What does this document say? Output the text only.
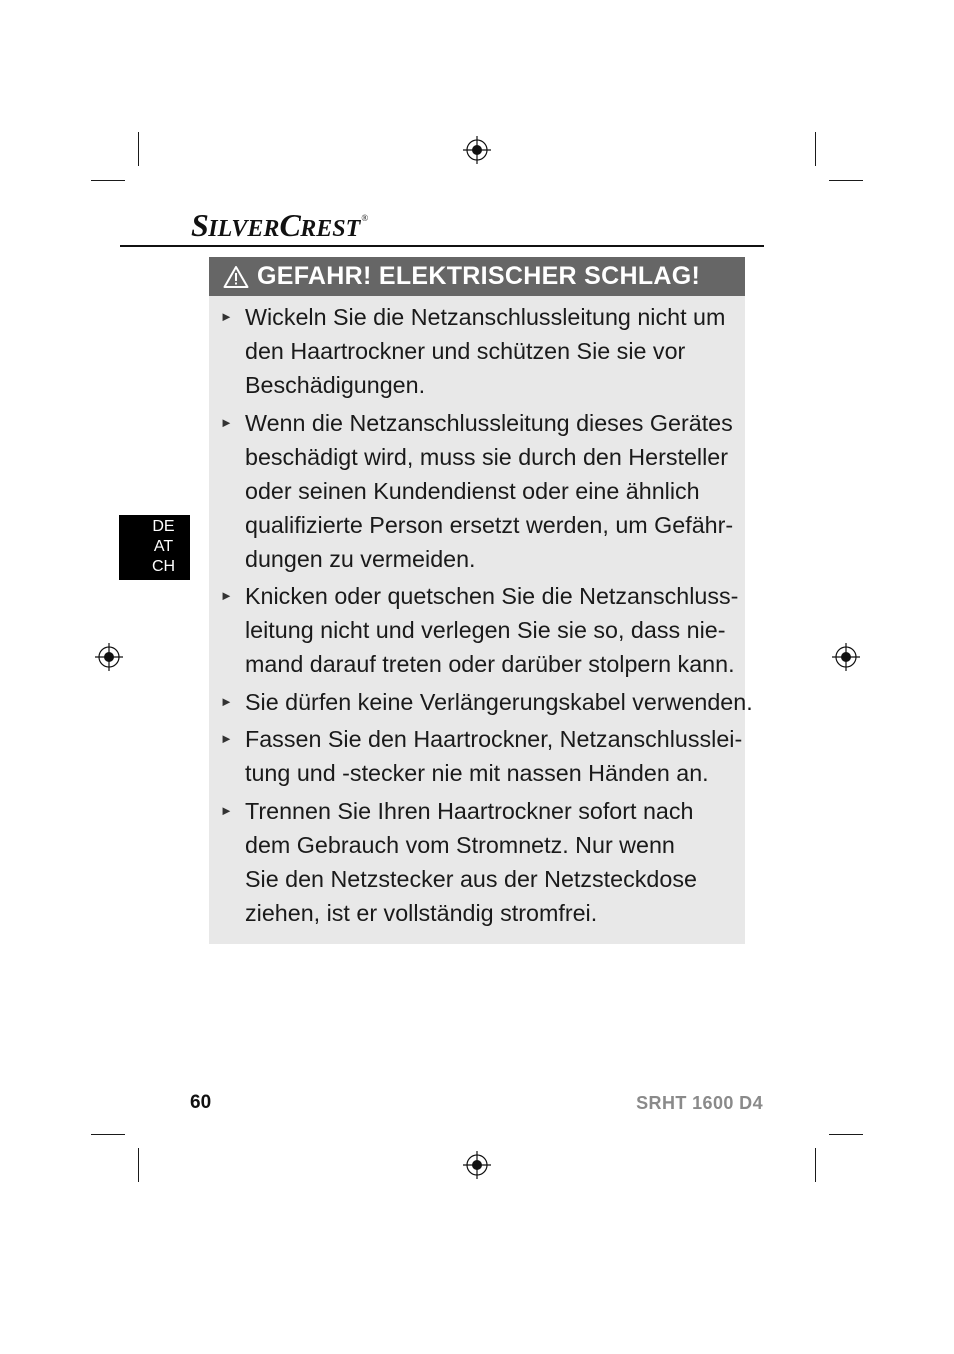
S ILVER C REST ®
DE
AT
CH
GEFAHR! ELEKTRISCHER SCHLAG!
► Wickeln Sie die Netzanschlussleitung nicht um
den Haartrockner und schützen Sie sie vor
Beschädigungen.
► Wenn die Netzanschlussleitung dieses Gerätes
beschädigt wird, muss sie durch den Hersteller
oder seinen Kundendienst oder eine ähnlich
qualifizierte Person ersetzt werden, um Gefähr-
dungen zu vermeiden.
► Knicken oder quetschen Sie die Netzanschluss-
leitung nicht und verlegen Sie sie so, dass nie-
mand darauf treten oder darüber stolpern kann.
► Sie dürfen keine Verlängerungskabel verwenden.
► Fassen Sie den Haartrockner, Netzanschlusslei-
tung und -stecker nie mit nassen Händen an.
► Trennen Sie Ihren Haartrockner sofort nach
dem Gebrauch vom Stromnetz. Nur wenn
Sie den Netzstecker aus der Netzsteckdose
ziehen, ist er vollständig stromfrei.
60	SRHT 1600 D4
